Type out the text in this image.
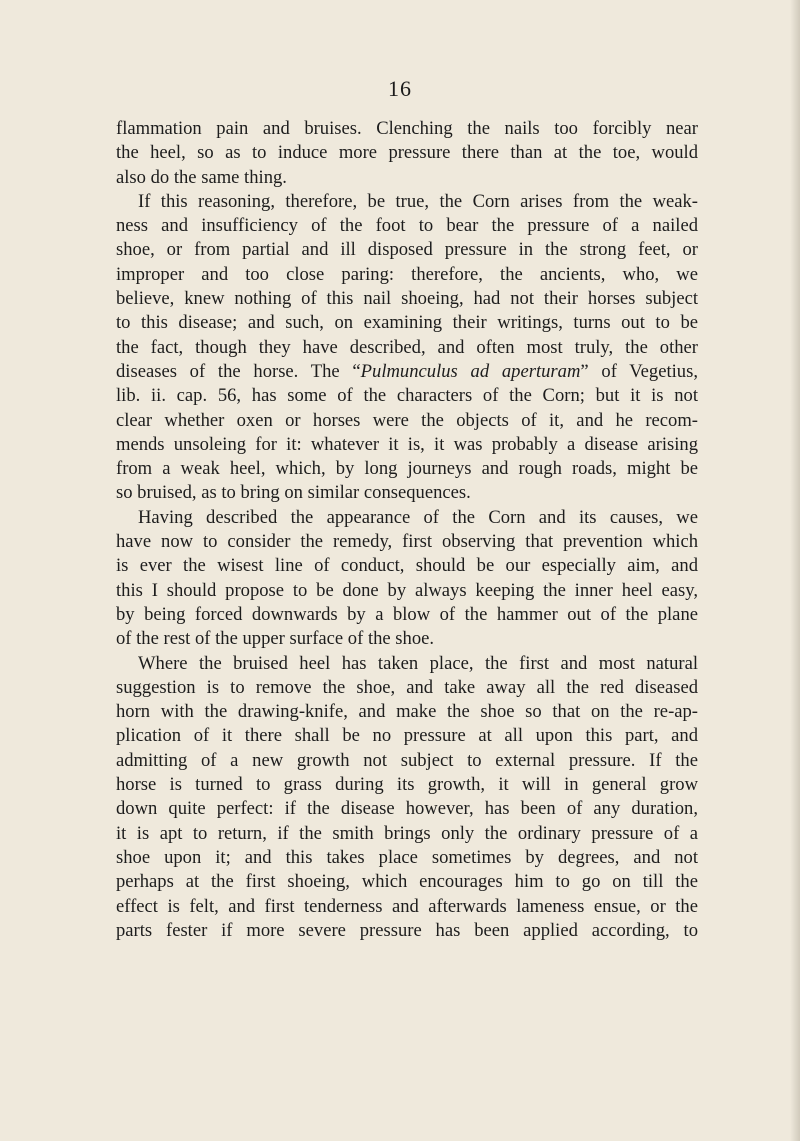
16
flammation pain and bruises. Clenching the nails too forcibly near
the heel, so as to induce more pressure there than at the toe, would
also do the same thing.
If this reasoning, therefore, be true, the Corn arises from the weak-
ness and insufficiency of the foot to bear the pressure of a nailed
shoe, or from partial and ill disposed pressure in the strong feet, or
improper and too close paring: therefore, the ancients, who, we
believe, knew nothing of this nail shoeing, had not their horses subject
to this disease; and such, on examining their writings, turns out to be
the fact, though they have described, and often most truly, the other
diseases of the horse. The “Pulmunculus ad aperturam” of Vegetius,
lib. ii. cap. 56, has some of the characters of the Corn; but it is not
clear whether oxen or horses were the objects of it, and he recom-
mends unsoleing for it: whatever it is, it was probably a disease arising
from a weak heel, which, by long journeys and rough roads, might be
so bruised, as to bring on similar consequences.
Having described the appearance of the Corn and its causes, we
have now to consider the remedy, first observing that prevention which
is ever the wisest line of conduct, should be our especially aim, and
this I should propose to be done by always keeping the inner heel easy,
by being forced downwards by a blow of the hammer out of the plane
of the rest of the upper surface of the shoe.
Where the bruised heel has taken place, the first and most natural
suggestion is to remove the shoe, and take away all the red diseased
horn with the drawing-knife, and make the shoe so that on the re-ap-
plication of it there shall be no pressure at all upon this part, and
admitting of a new growth not subject to external pressure. If the
horse is turned to grass during its growth, it will in general grow
down quite perfect: if the disease however, has been of any duration,
it is apt to return, if the smith brings only the ordinary pressure of a
shoe upon it; and this takes place sometimes by degrees, and not
perhaps at the first shoeing, which encourages him to go on till the
effect is felt, and first tenderness and afterwards lameness ensue, or the
parts fester if more severe pressure has been applied according, to
